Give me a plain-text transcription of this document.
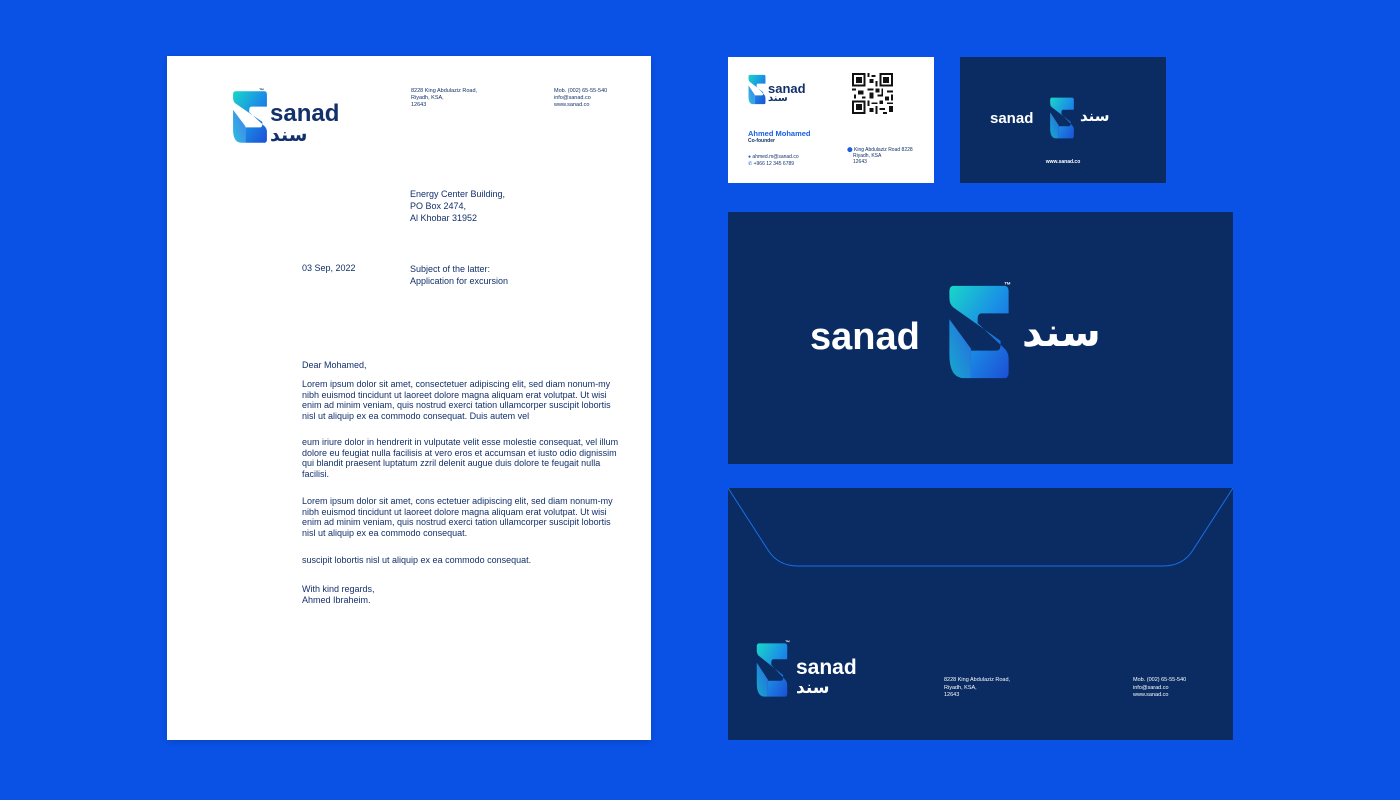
sanad
سند
™	8228 King Abdulaziz Road,
Riyadh, KSA,
12643
Mob. (002) 65-55-540
info@sanad.co
www.sanad.co
Energy Center Building,
PO Box 2474,
Al Khobar 31952
03 Sep, 2022	Subject of the latter:
Application for excursion
Dear Mohamed,
Lorem ipsum dolor sit amet, consectetuer adipiscing elit, sed diam nonum-my nibh euismod tincidunt ut laoreet dolore magna aliquam erat volutpat. Ut wisi enim ad minim veniam, quis nostrud exerci tation ullamcorper suscipit lobortis nisl ut aliquip ex ea commodo consequat. Duis autem vel
eum iriure dolor in hendrerit in vulputate velit esse molestie consequat, vel illum dolore eu feugiat nulla facilisis at vero eros et accumsan et iusto odio dignissim qui blandit praesent luptatum zzril delenit augue duis dolore te feugait nulla facilisi.
Lorem ipsum dolor sit amet, cons ectetuer adipiscing elit, sed diam nonum-my nibh euismod tincidunt ut laoreet dolore magna aliquam erat volutpat. Ut wisi enim ad minim veniam, quis nostrud exerci tation ullamcorper suscipit lobortis nisl ut aliquip ex ea commodo consequat.
suscipit lobortis nisl ut aliquip ex ea commodo consequat.
With kind regards,
Ahmed Ibraheim.
sanad
سند
Ahmed Mohamed
Co-founder
● ahmed.m@sanad.co
✆ +966 12 345 6789
⬤ King Abdulaziz Road 8228
Riyadh, KSA
12643
sanad	سند
www.sanad.co
sanad
™
سند
™
sanad
سند	8228 King Abdulaziz Road,
Riyadh, KSA,
12643
Mob. (002) 65-55-540
info@sarad.co
www.sanad.co
